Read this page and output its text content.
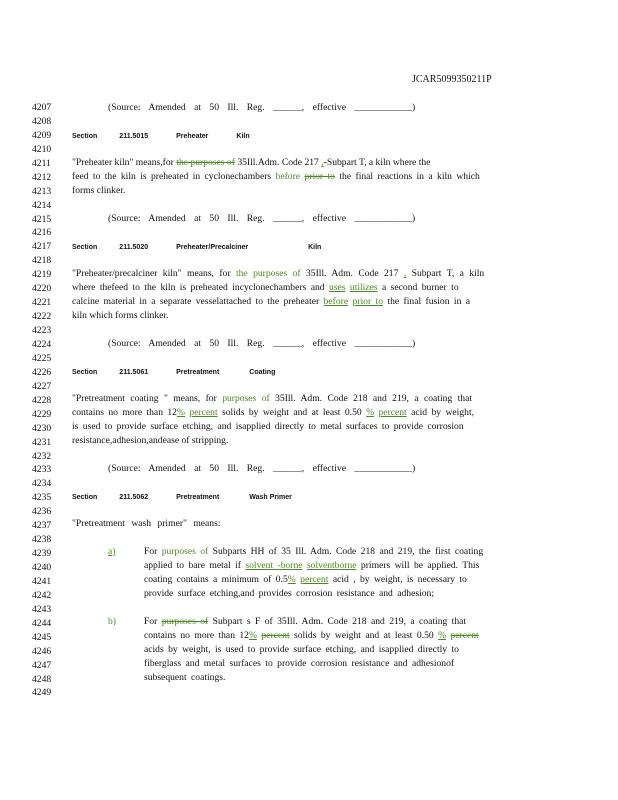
JCAR5099350211P
4207
4208
4209
4210
4211
4212
4213
4214
4215
4216
4217
4218
4219
4220
4221
4222
4223
4224
4225
4226
4227
4228
4229
4230
4231
4232
4233
4234
4235
4236
4237
4238
4239
4240
4241
4242
4243
4244
4245
4246
4247
4248
4249
(Source: Amended at 50 Ill. Reg. ______, effective ____________)
Section	211.5015	Preheater	Kiln
"Preheater kiln" means,for the purposes of 35Ill.Adm. Code 217 ,-Subpart T, a kiln where the
feed to the kiln is preheated in cyclonechambers before prior to the final reactions in a kiln which
forms clinker.
(Source: Amended at 50 Ill. Reg. ______, effective ____________)
Section	211.5020	Preheater/Precalciner	Kiln
"Preheater/precalciner kiln" means, for the purposes of 35Ill. Adm. Code 217 , Subpart T, a kiln
where thefeed to the kiln is preheated incyclonechambers and uses utilizes a second burner to
calcine material in a separate vesselattached to the preheater before prior to the final fusion in a
kiln which forms clinker.
(Source: Amended at 50 Ill. Reg. ______, effective ____________)
Section	211.5061	Pretreatment	Coating
"Pretreatment coating " means, for purposes of 35Ill. Adm. Code 218 and 219, a coating that
contains no more than 12% percent solids by weight and at least 0.50 % percent acid by weight,
is used to provide surface etching, and isapplied directly to metal surfaces to provide corrosion
resistance,adhesion,andease of stripping.
(Source: Amended at 50 Ill. Reg. ______, effective ____________)
Section	211.5062	Pretreatment	Wash Primer
"Pretreatment wash primer" means:
a)	For purposes of Subparts HH of 35 Ill. Adm. Code 218 and 219, the first coating
applied to bare metal if solvent -borne solventborne primers will be applied. This
coating contains a minimum of 0.5% percent acid , by weight, is necessary to
provide surface etching,and provides corrosion resistance and adhesion;
b)	For purposes of Subpart s F of 35Ill. Adm. Code 218 and 219, a coating that
contains no more than 12% percent solids by weight and at least 0.50 % percent
acids by weight, is used to provide surface etching, and isapplied directly to
fiberglass and metal surfaces to provide corrosion resistance and adhesionof
subsequent coatings.
